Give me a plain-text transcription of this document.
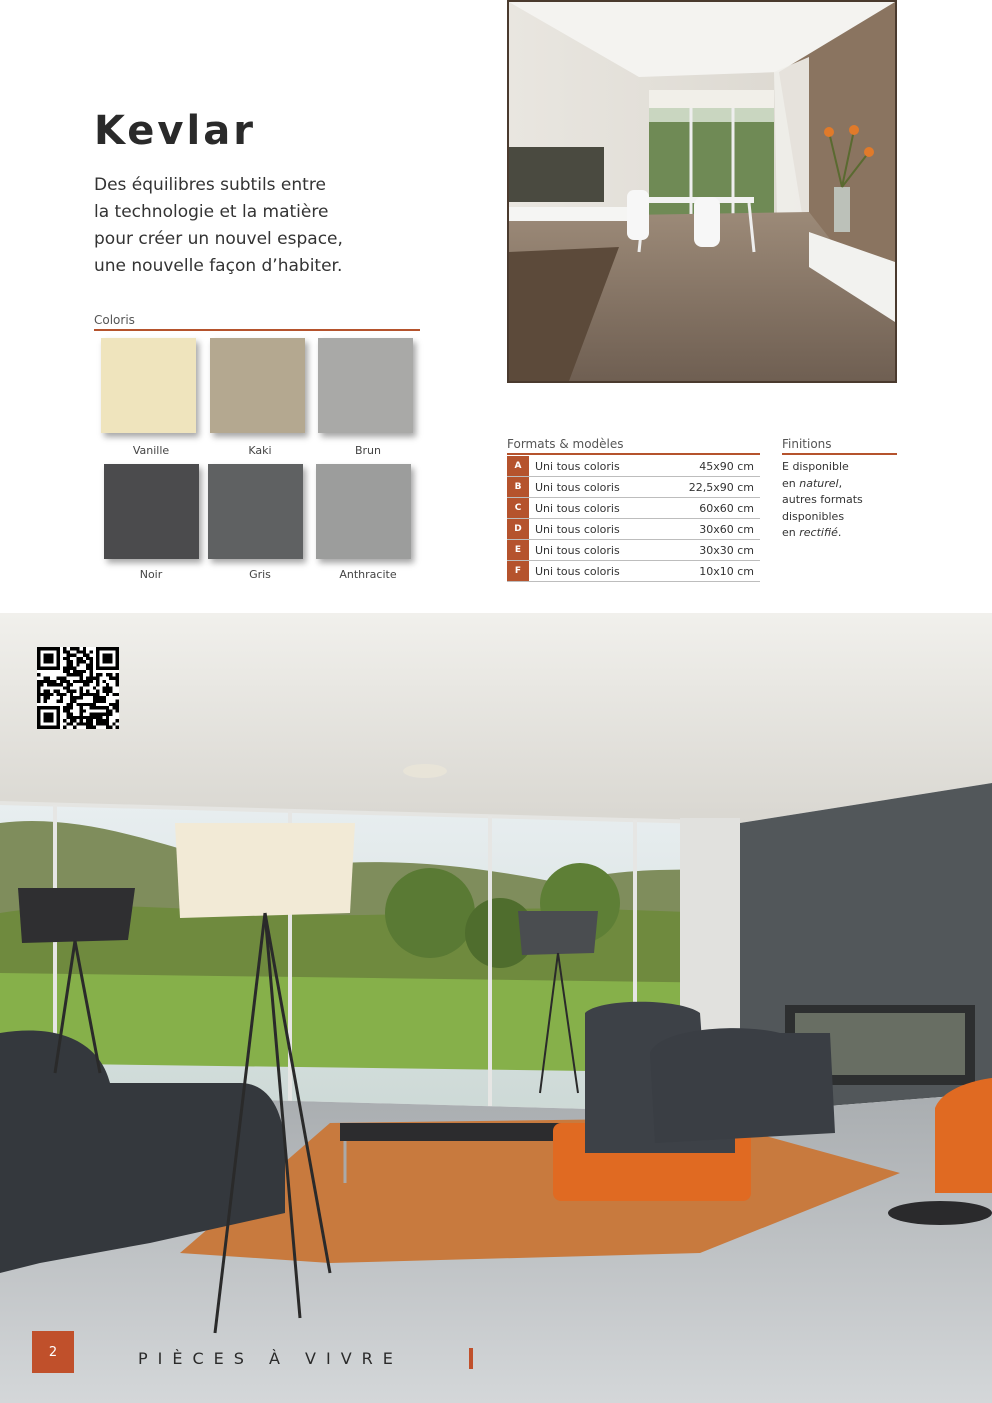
Kevlar
Des équilibres subtils entre
la technologie et la matière
pour créer un nouvel espace,
une nouvelle façon d’habiter.
Coloris
Vanille	Kaki	Brun
Noir	Gris	Anthracite
Formats & modèles
A	Uni tous coloris	45x90 cm
B	Uni tous coloris	22,5x90 cm
C	Uni tous coloris	60x60 cm
D	Uni tous coloris	30x60 cm
E	Uni tous coloris	30x30 cm
F	Uni tous coloris	10x10 cm
Finitions
E disponible
en naturel,
autres formats
disponibles
en rectifié.
2	PIÈCES À VIVRE
